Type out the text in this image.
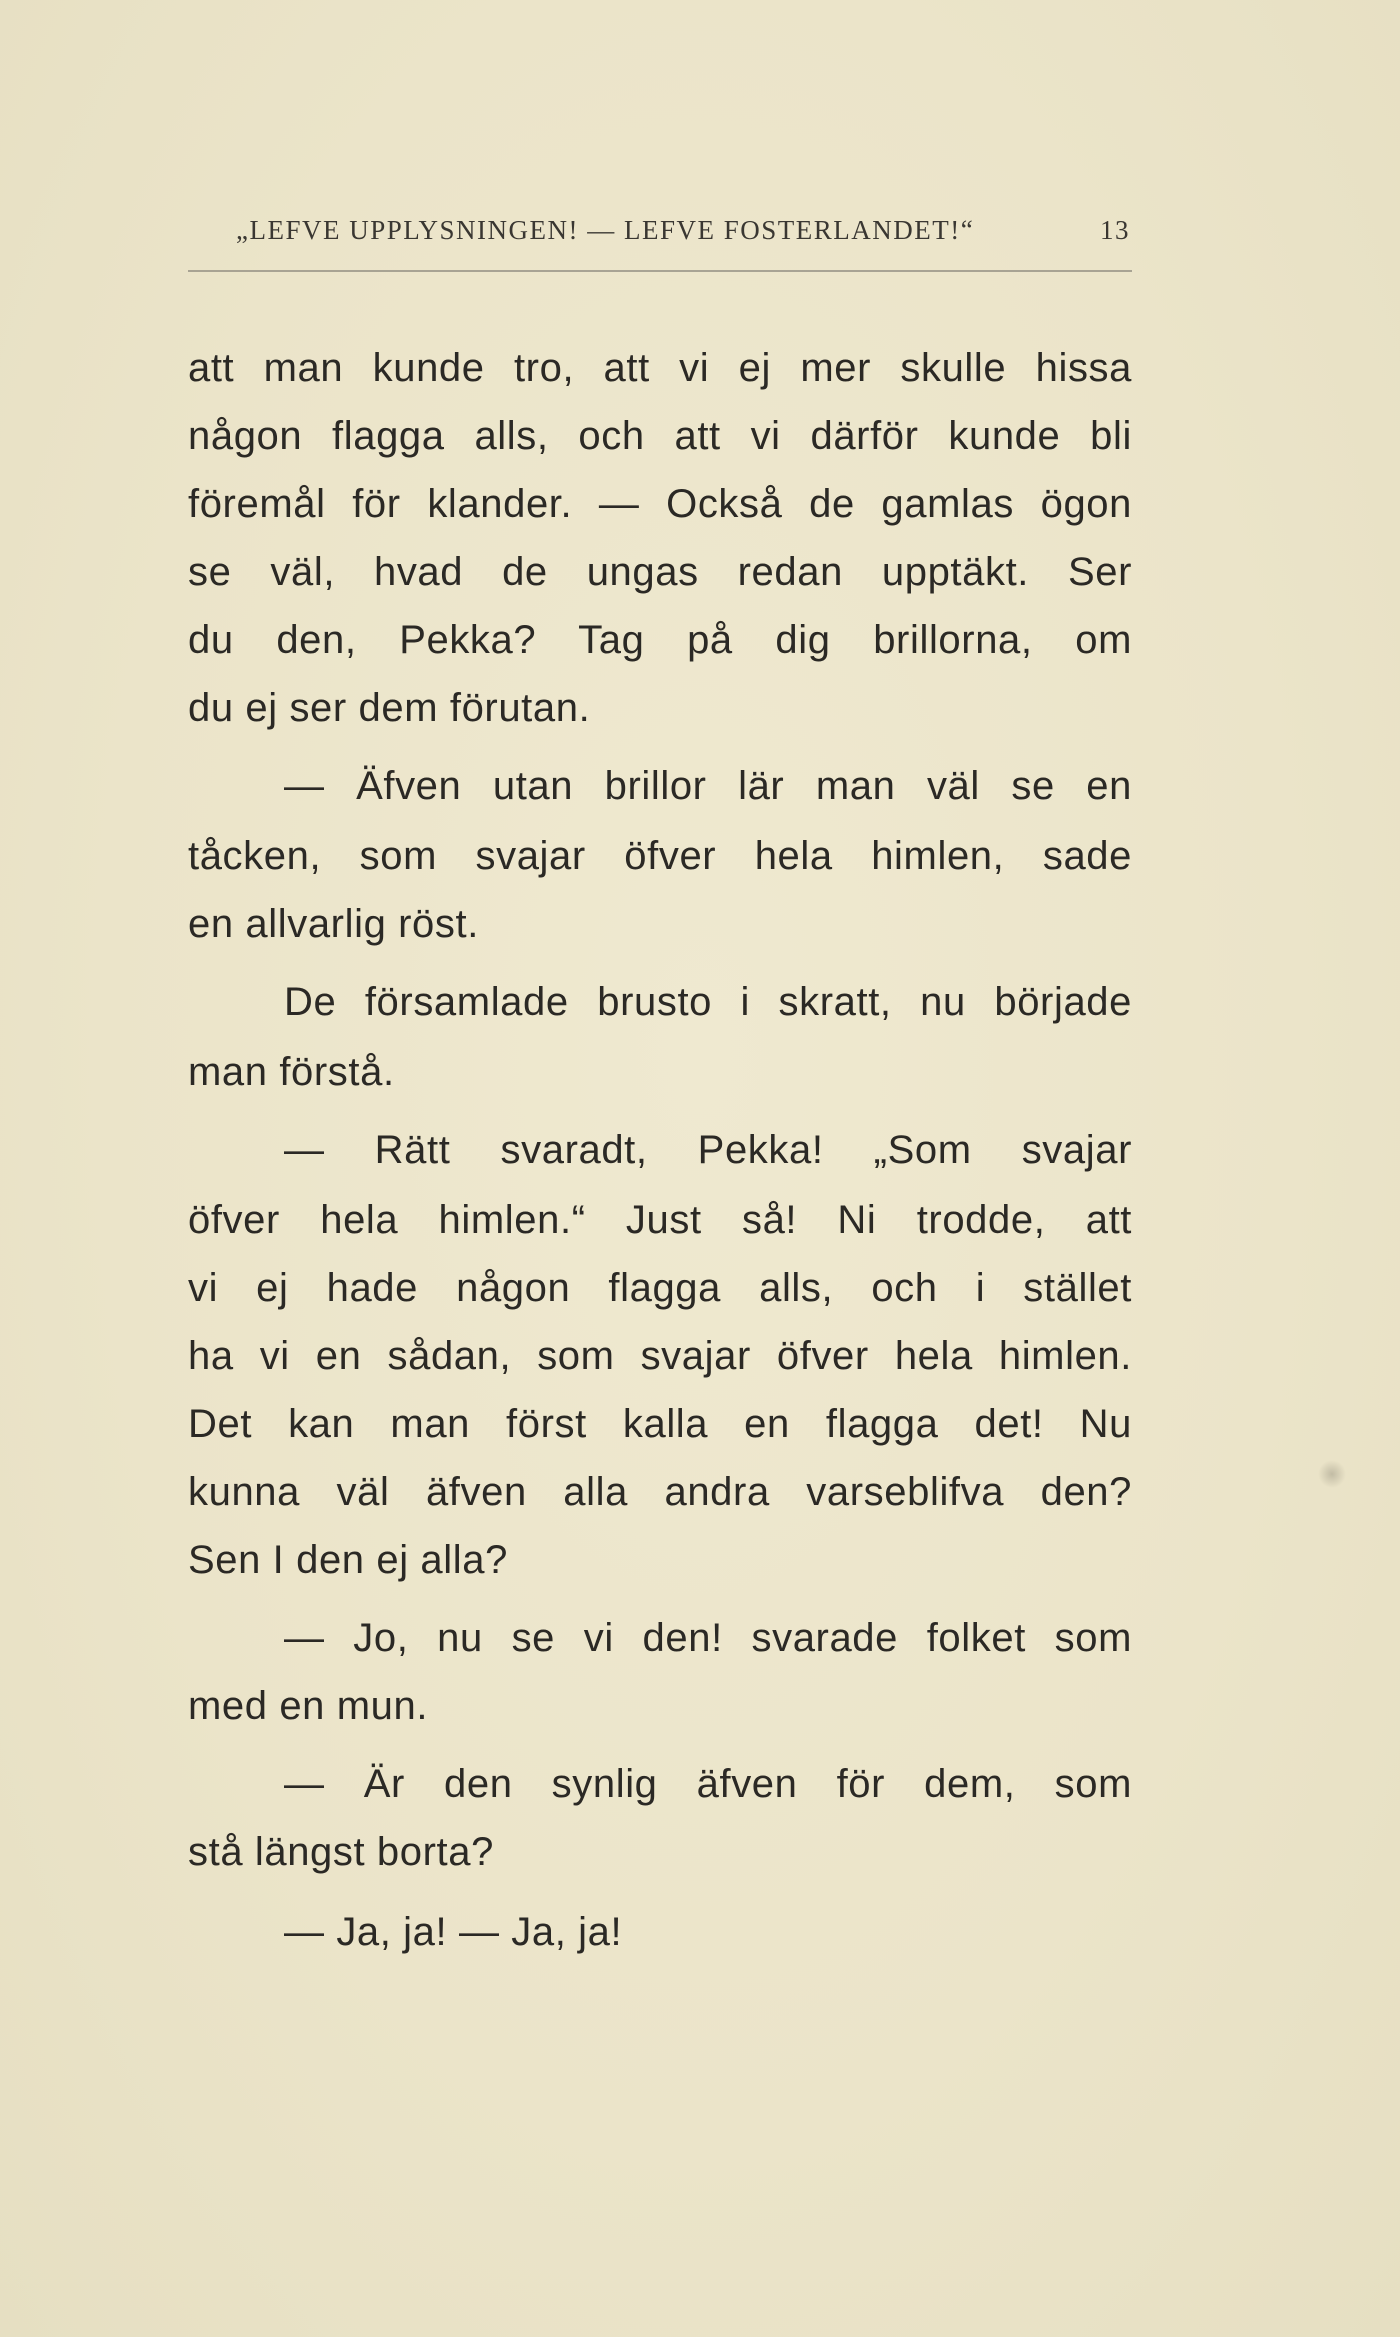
„LEFVE UPPLYSNINGEN! — LEFVE FOSTERLANDET!“	13
att man kunde tro, att vi ej mer skulle hissa
någon flagga alls, och att vi därför kunde bli
föremål för klander. — Också de gamlas ögon
se väl, hvad de ungas redan upptäkt. Ser
du den, Pekka? Tag på dig brillorna, om
du ej ser dem förutan.
— Äfven utan brillor lär man väl se en
tåcken, som svajar öfver hela himlen, sade
en allvarlig röst.
De församlade brusto i skratt, nu började
man förstå.
— Rätt svaradt, Pekka! „Som svajar
öfver hela himlen.“ Just så! Ni trodde, att
vi ej hade någon flagga alls, och i stället
ha vi en sådan, som svajar öfver hela himlen.
Det kan man först kalla en flagga det! Nu
kunna väl äfven alla andra varseblifva den?
Sen I den ej alla?
— Jo, nu se vi den! svarade folket som
med en mun.
— Är den synlig äfven för dem, som
stå längst borta?
— Ja, ja! — Ja, ja!
